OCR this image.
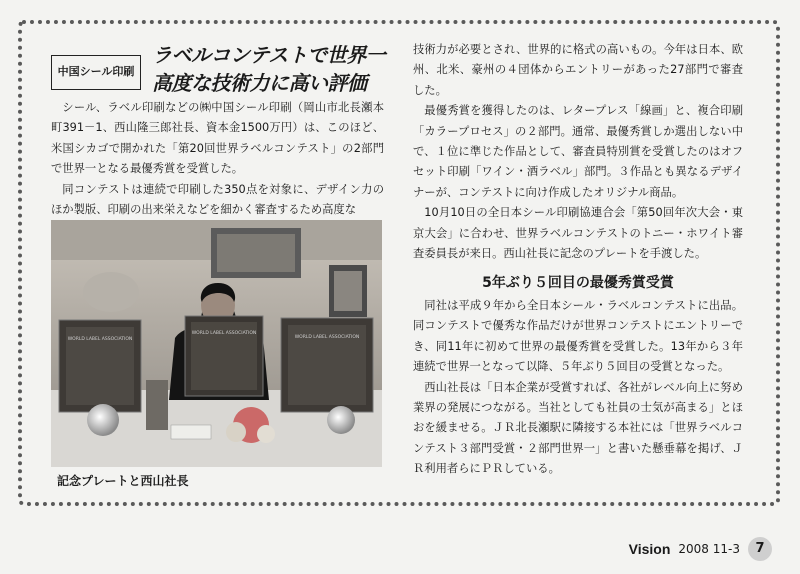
中国シール印刷
ラベルコンテストで世界一
高度な技術力に高い評価

シール、ラベル印刷などの㈱中国シール印刷（岡山市北長瀬本町391－1、西山隆三郎社長、資本金1500万円）は、このほど、米国シカゴで開かれた「第20回世界ラベルコンテスト」の2部門で世界一となる最優秀賞を受賞した。

同コンテストは連続で印刷した350点を対象に、デザイン力のほか製版、印刷の出来栄えなどを細かく審査するため高度な

WORLD LABEL ASSOCIATION
WORLD LABEL ASSOCIATION
WORLD LABEL ASSOCIATION
記念プレートと西山社長

技術力が必要とされ、世界的に格式の高いもの。今年は日本、欧州、北米、豪州の４団体からエントリーがあった27部門で審査した。

最優秀賞を獲得したのは、レタープレス「線画」と、複合印刷「カラープロセス」の２部門。通常、最優秀賞しか選出しない中で、１位に準じた作品として、審査員特別賞を受賞したのはオフセット印刷「ワイン・酒ラベル」部門。３作品とも異なるデザイナーが、コンテストに向け作成したオリジナル商品。

10月10日の全日本シール印刷協連合会「第50回年次大会・東京大会」に合わせ、世界ラベルコンテストのトニー・ホワイト審査委員長が来日。西山社長に記念のプレートを手渡した。

5年ぶり５回目の最優秀賞受賞

同社は平成９年から全日本シール・ラベルコンテストに出品。同コンテストで優秀な作品だけが世界コンテストにエントリーでき、同11年に初めて世界の最優秀賞を受賞した。13年から３年連続で世界一となって以降、５年ぶり５回目の受賞となった。

西山社長は「日本企業が受賞すれば、各社がレベル向上に努め業界の発展につながる。当社としても社員の士気が高まる」とほおを緩ませる。ＪＲ北長瀬駅に隣接する本社には「世界ラベルコンテスト３部門受賞・２部門世界一」と書いた懸垂幕を掲げ、ＪＲ利用者らにＰＲしている。

Vision 2008 11-3	7
